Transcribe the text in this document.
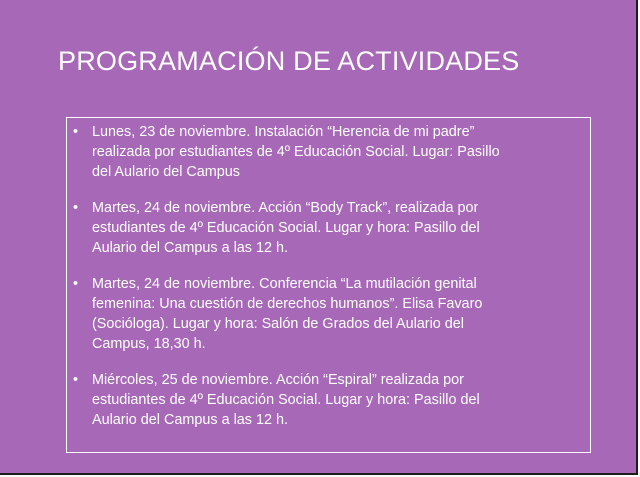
PROGRAMACIÓN DE ACTIVIDADES
• Lunes, 23 de noviembre. Instalación “Herencia de mi padre”
realizada por estudiantes de 4º Educación Social. Lugar: Pasillo
del Aulario del Campus
• Martes, 24 de noviembre. Acción “Body Track”, realizada por
estudiantes de 4º Educación Social. Lugar y hora: Pasillo del
Aulario del Campus a las 12 h.
• Martes, 24 de noviembre. Conferencia “La mutilación genital
femenina: Una cuestión de derechos humanos”. Elisa Favaro
(Socióloga). Lugar y hora: Salón de Grados del Aulario del
Campus, 18,30 h.
• Miércoles, 25 de noviembre. Acción “Espiral” realizada por
estudiantes de 4º Educación Social. Lugar y hora: Pasillo del
Aulario del Campus a las 12 h.
